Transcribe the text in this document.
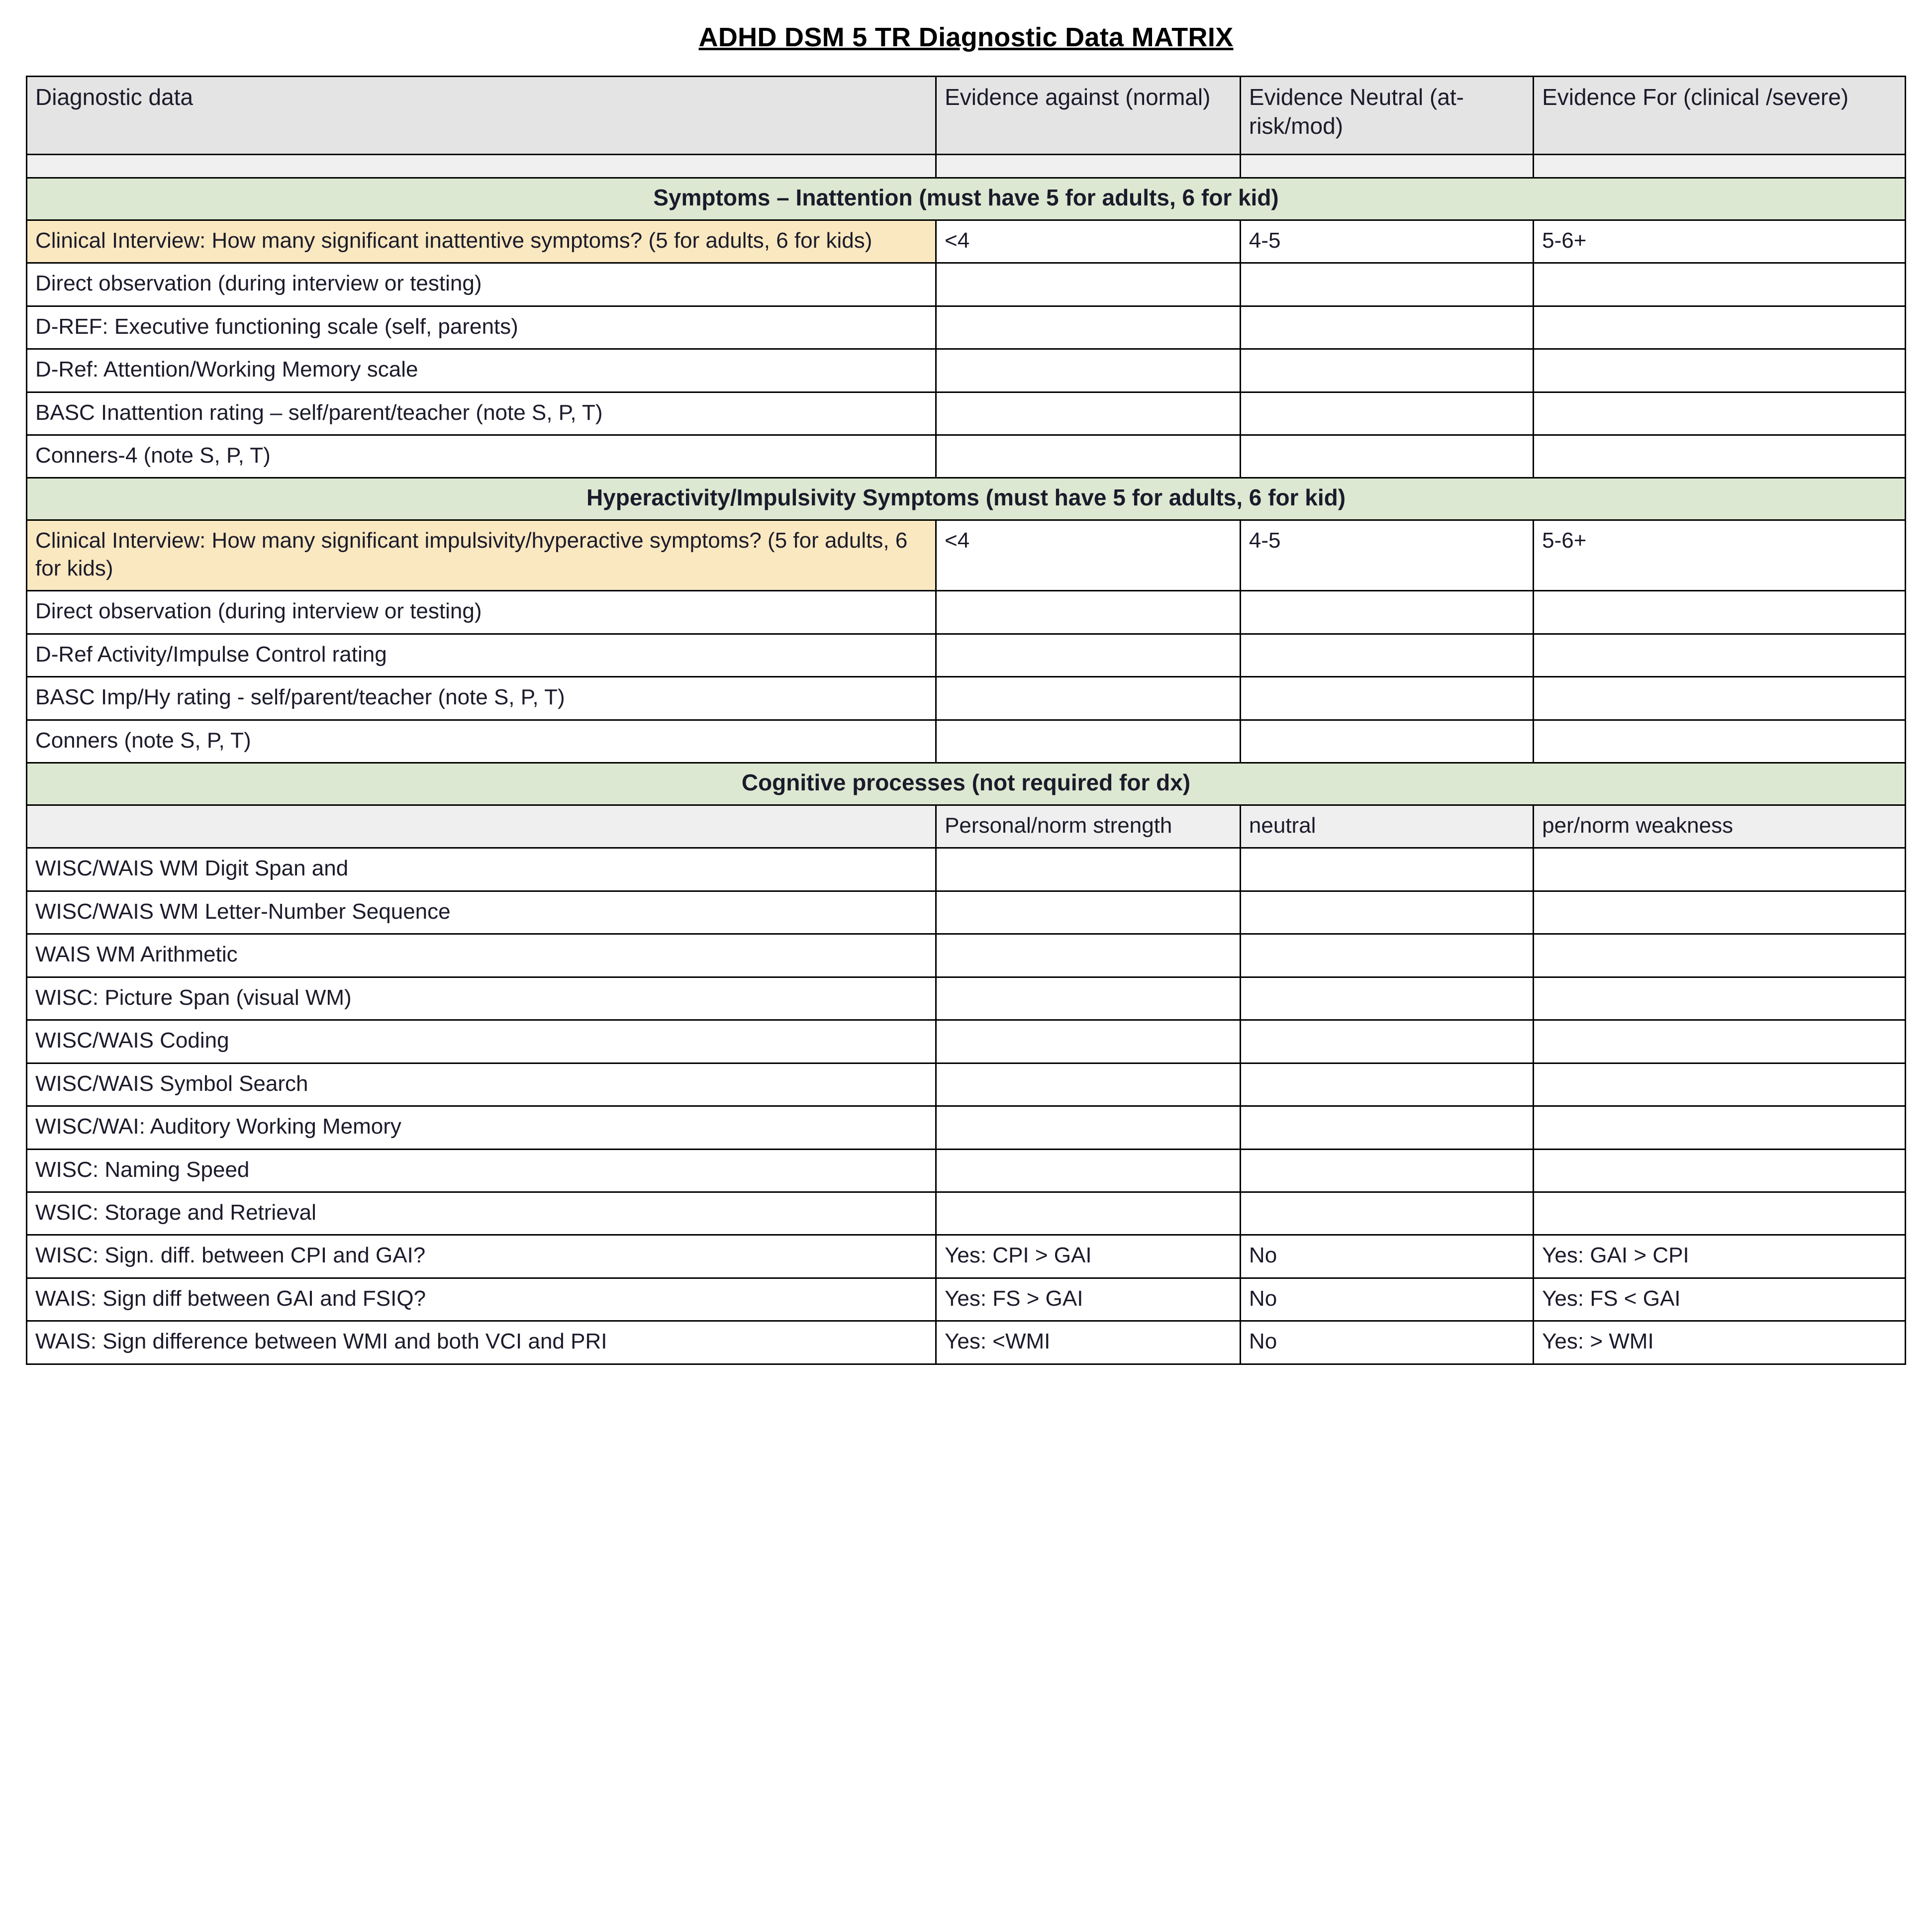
ADHD DSM 5 TR Diagnostic Data MATRIX
Diagnostic data	Evidence against (normal)	Evidence Neutral (at-risk/mod)	Evidence For (clinical /severe)

Symptoms – Inattention (must have 5 for adults, 6 for kid)			
Clinical Interview: How many significant inattentive symptoms? (5 for adults, 6 for kids)	<4	4-5	5-6+
Direct observation (during interview or testing)	

D-REF: Executive functioning scale (self, parents)	

D-Ref: Attention/Working Memory scale	

BASC Inattention rating – self/parent/teacher (note S, P, T)	

Conners-4 (note S, P, T)	

Hyperactivity/Impulsivity Symptoms (must have 5 for adults, 6 for kid)			
Clinical Interview: How many significant impulsivity/hyperactive symptoms? (5 for adults, 6 for kids)	<4	4-5	5-6+
Direct observation (during interview or testing)	

D-Ref Activity/Impulse Control rating	

BASC Imp/Hy rating - self/parent/teacher (note S, P, T)	

Conners (note S, P, T)	

Cognitive processes (not required for dx)			

	Personal/norm strength	neutral	per/norm weakness
WISC/WAIS WM Digit Span and	

WISC/WAIS WM Letter-Number Sequence	

WAIS WM Arithmetic	

WISC: Picture Span (visual WM)	

WISC/WAIS Coding	

WISC/WAIS Symbol Search	

WISC/WAI: Auditory Working Memory	

WISC: Naming Speed	

WSIC: Storage and Retrieval	

WISC: Sign. diff. between CPI and GAI?	Yes: CPI > GAI	No	Yes: GAI > CPI
WAIS: Sign diff between GAI and FSIQ?	Yes: FS > GAI	No	Yes: FS < GAI
WAIS: Sign difference between WMI and both VCI and PRI	Yes: <WMI	No	Yes: > WMI
